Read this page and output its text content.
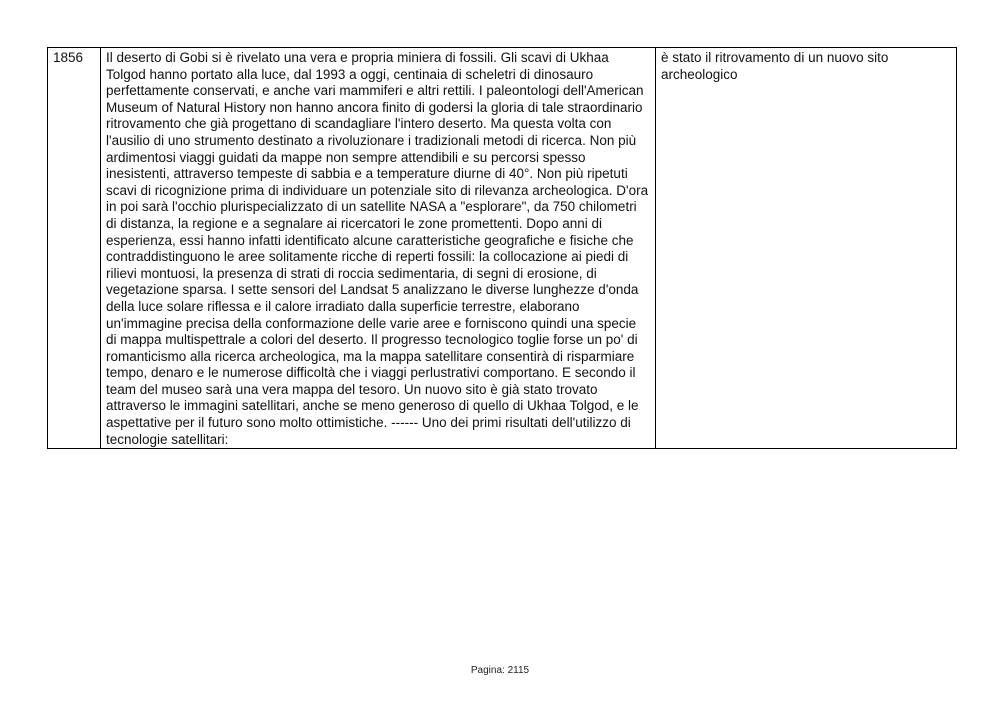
1856	Il deserto di Gobi si è rivelato una vera e propria miniera di fossili. Gli scavi di Ukhaa Tolgod hanno portato alla luce, dal 1993 a oggi, centinaia di scheletri di dinosauro perfettamente conservati, e anche vari mammiferi e altri rettili. I paleontologi dell'American Museum of Natural History non hanno ancora finito di godersi la gloria di tale straordinario ritrovamento che già progettano di scandagliare l'intero deserto. Ma questa volta con l'ausilio di uno strumento destinato a rivoluzionare i tradizionali metodi di ricerca. Non più ardimentosi viaggi guidati da mappe non sempre attendibili e su percorsi spesso inesistenti, attraverso tempeste di sabbia e a temperature diurne di 40°. Non più ripetuti scavi di ricognizione prima di individuare un potenziale sito di rilevanza archeologica. D'ora in poi sarà l'occhio plurispecializzato di un satellite NASA a "esplorare", da 750 chilometri di distanza, la regione e a segnalare ai ricercatori le zone promettenti. Dopo anni di esperienza, essi hanno infatti identificato alcune caratteristiche geografiche e fisiche che contraddistinguono le aree solitamente ricche di reperti fossili: la collocazione ai piedi di rilievi montuosi, la presenza di strati di roccia sedimentaria, di segni di erosione, di vegetazione sparsa. I sette sensori del Landsat 5 analizzano le diverse lunghezze d'onda della luce solare riflessa e il calore irradiato dalla superficie terrestre, elaborano un'immagine precisa della conformazione delle varie aree e forniscono quindi una specie di mappa multispettrale a colori del deserto. Il progresso tecnologico toglie forse un po' di romanticismo alla ricerca archeologica, ma la mappa satellitare consentirà di risparmiare tempo, denaro e le numerose difficoltà che i viaggi perlustrativi comportano. E secondo il team del museo sarà una vera mappa del tesoro. Un nuovo sito è già stato trovato attraverso le immagini satellitari, anche se meno generoso di quello di Ukhaa Tolgod, e le aspettative per il futuro sono molto ottimistiche. ------ Uno dei primi risultati dell'utilizzo di tecnologie satellitari:	è stato il ritrovamento di un nuovo sito archeologico
Pagina: 2115
